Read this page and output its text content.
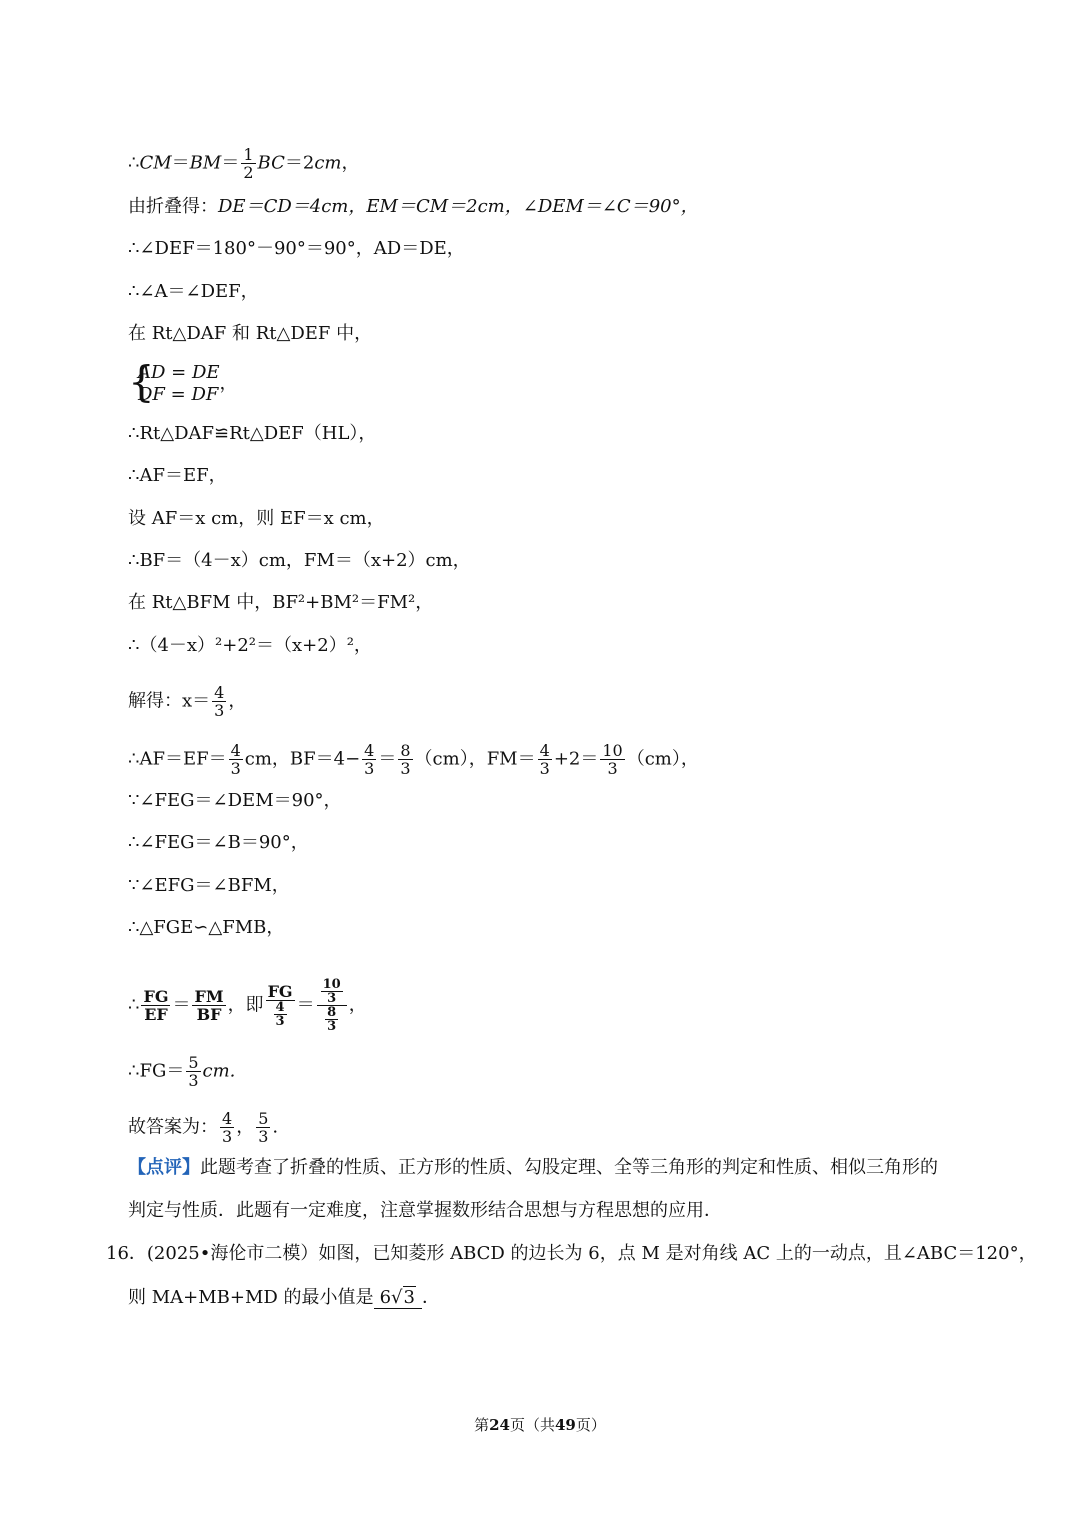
∴CM＝BM＝ $\frac{1}{2} BC=2cm$，
由折叠得：DE＝CD＝4cm，EM＝CM＝2cm，∠DEM＝∠C＝90°，
∴∠DEF＝180°－90°＝90°，AD＝DE，
∴∠A＝∠DEF，
在 Rt△DAF 和 Rt△DEF 中，
{
AD = DE
DF = DF
，
∴Rt△DAF≌Rt△DEF（HL），
∴AF＝EF，
设 AF＝x cm，则 EF＝x cm，
∴BF＝（4－x）cm，FM＝（x+2）cm，
在 Rt△BFM 中，BF²+BM²＝FM²，
∴（4－x）²+2²＝（x+2）²，
解得：$x= \frac{4}{3}$ ，
∴AF＝EF＝ $\frac{4}{3}$ cm，$BF=4- \frac{4}{3} = \frac{8}{3} (cm)$，$FM= \frac{4}{3} +2= \frac{10}{3} (cm)$，
∵∠FEG＝∠DEM＝90°，
∴∠FEG＝∠B＝90°，
∵∠EFG＝∠BFM，
∴△FGE∽△FMB，
∴ $\frac{FG}{EF} = \frac{FM}{BF}$ ，即 $\frac{FG}{\frac{4}{3}} = \frac{\frac{10}{3}}{\frac{8}{3}}$ ，
∴FG＝ $\frac{5}{3}$ cm.
故答案为： $\frac{4}{3}$ ， $\frac{5}{3}$ .
【点评】此题考查了折叠的性质、正方形的性质、勾股定理、全等三角形的判定和性质、相似三角形的
判定与性质．此题有一定难度，注意掌握数形结合思想与方程思想的应用．
16．(2025•海伦市二模）如图，已知菱形 ABCD 的边长为 6，点 M 是对角线 AC 上的一动点，且∠ABC＝120°，
则 MA+MB+MD 的最小值是 6√3 ．
第24页（共49页）
